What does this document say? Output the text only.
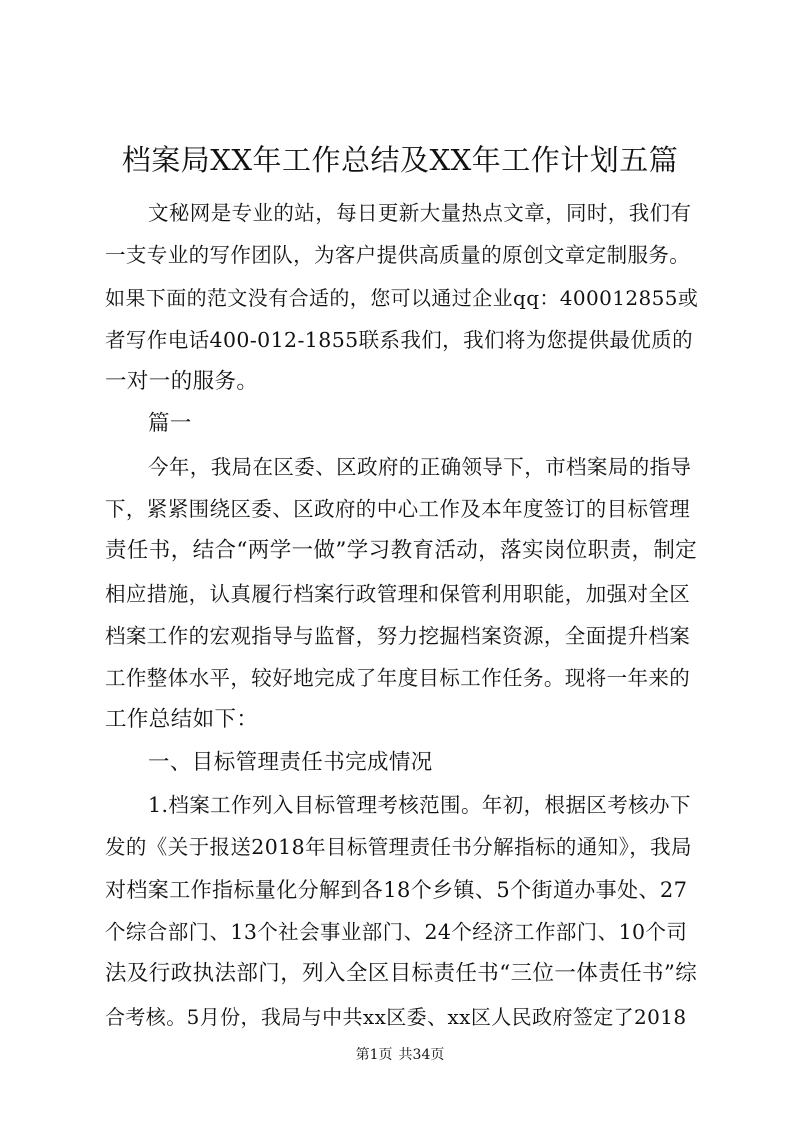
档案局XX年工作总结及XX年工作计划五篇
文秘网是专业的站，每日更新大量热点文章，同时，我们有
一支专业的写作团队，为客户提供高质量的原创文章定制服务。
如果下面的范文没有合适的，您可以通过企业qq：400012855或
者写作电话400-012-1855联系我们，我们将为您提供最优质的
一对一的服务。
篇一
今年，我局在区委、区政府的正确领导下，市档案局的指导
下，紧紧围绕区委、区政府的中心工作及本年度签订的目标管理
责任书，结合“两学一做”学习教育活动，落实岗位职责，制定
相应措施，认真履行档案行政管理和保管利用职能，加强对全区
档案工作的宏观指导与监督，努力挖掘档案资源，全面提升档案
工作整体水平，较好地完成了年度目标工作任务。现将一年来的
工作总结如下：
一、目标管理责任书完成情况
1.档案工作列入目标管理考核范围。年初，根据区考核办下
发的《关于报送2018年目标管理责任书分解指标的通知》，我局
对档案工作指标量化分解到各18个乡镇、5个街道办事处、27
个综合部门、13个社会事业部门、24个经济工作部门、10个司
法及行政执法部门，列入全区目标责任书“三位一体责任书”综
合考核。5月份，我局与中共xx区委、xx区人民政府签定了2018
第1页 共34页
